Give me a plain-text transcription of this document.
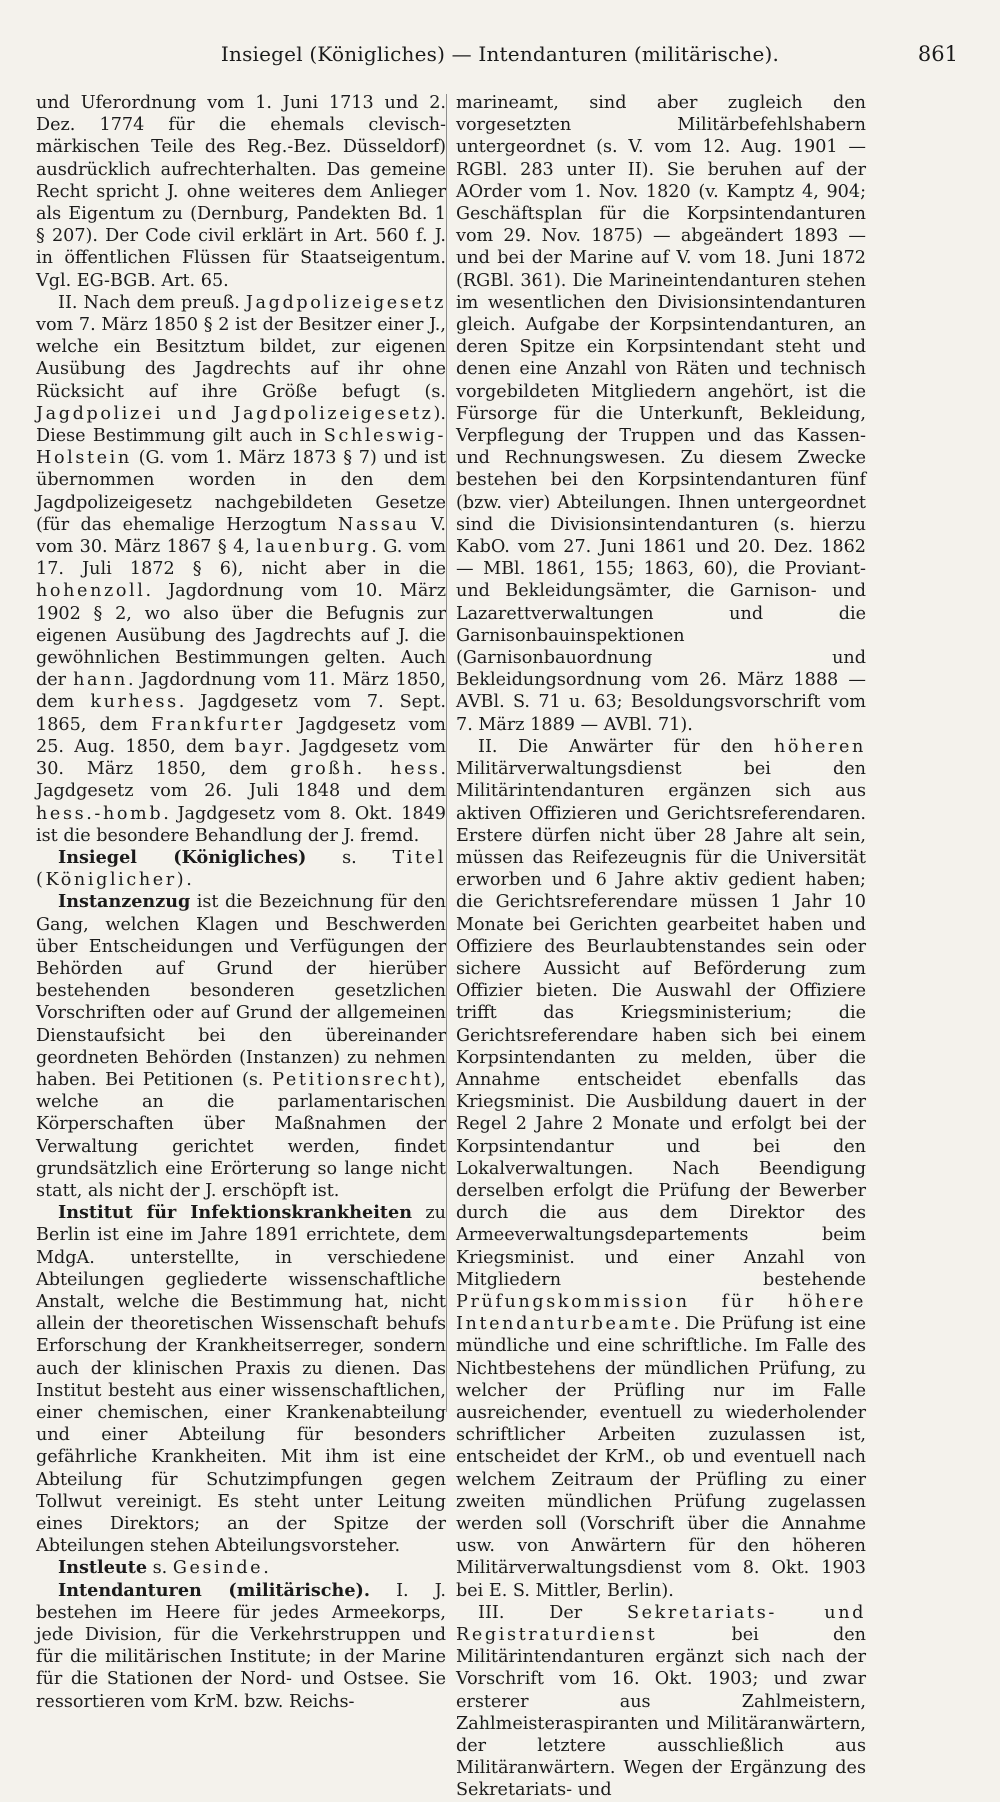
Insiegel (Königliches) — Intendanturen (militärische).	861

und Uferordnung vom 1. Juni 1713 und 2. Dez. 1774 für die ehemals clevisch-märkischen Teile des Reg.-Bez. Düsseldorf) ausdrücklich aufrechterhalten. Das gemeine Recht spricht J. ohne weiteres dem Anlieger als Eigentum zu (Dernburg, Pandekten Bd. 1 § 207). Der Code civil erklärt in Art. 560 f. J. in öffentlichen Flüssen für Staatseigentum. Vgl. EG-BGB. Art. 65.

II. Nach dem preuß. Jagdpolizeigesetz vom 7. März 1850 § 2 ist der Besitzer einer J., welche ein Besitztum bildet, zur eigenen Ausübung des Jagdrechts auf ihr ohne Rücksicht auf ihre Größe befugt (s. Jagdpolizei und Jagdpolizeigesetz). Diese Bestimmung gilt auch in Schleswig-Holstein (G. vom 1. März 1873 § 7) und ist übernommen worden in den dem Jagdpolizeigesetz nachgebildeten Gesetze (für das ehemalige Herzogtum Nassau V. vom 30. März 1867 § 4, lauenburg. G. vom 17. Juli 1872 § 6), nicht aber in die hohenzoll. Jagdordnung vom 10. März 1902 § 2, wo also über die Befugnis zur eigenen Ausübung des Jagdrechts auf J. die gewöhnlichen Bestimmungen gelten. Auch der hann. Jagdordnung vom 11. März 1850, dem kurhess. Jagdgesetz vom 7. Sept. 1865, dem Frankfurter Jagdgesetz vom 25. Aug. 1850, dem bayr. Jagdgesetz vom 30. März 1850, dem großh. hess. Jagdgesetz vom 26. Juli 1848 und dem hess.-homb. Jagdgesetz vom 8. Okt. 1849 ist die besondere Behandlung der J. fremd.

Insiegel (Königliches) s. Titel (Königlicher).

Instanzenzug ist die Bezeichnung für den Gang, welchen Klagen und Beschwerden über Entscheidungen und Verfügungen der Behörden auf Grund der hierüber bestehenden besonderen gesetzlichen Vorschriften oder auf Grund der allgemeinen Dienstaufsicht bei den übereinander geordneten Behörden (Instanzen) zu nehmen haben. Bei Petitionen (s. Petitionsrecht), welche an die parlamentarischen Körperschaften über Maßnahmen der Verwaltung gerichtet werden, findet grundsätzlich eine Erörterung so lange nicht statt, als nicht der J. erschöpft ist.

Institut für Infektionskrankheiten zu Berlin ist eine im Jahre 1891 errichtete, dem MdgA. unterstellte, in verschiedene Abteilungen gegliederte wissenschaftliche Anstalt, welche die Bestimmung hat, nicht allein der theoretischen Wissenschaft behufs Erforschung der Krankheitserreger, sondern auch der klinischen Praxis zu dienen. Das Institut besteht aus einer wissenschaftlichen, einer chemischen, einer Krankenabteilung und einer Abteilung für besonders gefährliche Krankheiten. Mit ihm ist eine Abteilung für Schutzimpfungen gegen Tollwut vereinigt. Es steht unter Leitung eines Direktors; an der Spitze der Abteilungen stehen Abteilungsvorsteher.

Instleute s. Gesinde.

Intendanturen (militärische). I. J. bestehen im Heere für jedes Armeekorps, jede Division, für die Verkehrstruppen und für die militärischen Institute; in der Marine für die Stationen der Nord- und Ostsee. Sie ressortieren vom KrM. bzw. Reichs-

marineamt, sind aber zugleich den vorgesetzten Militärbefehlshabern untergeordnet (s. V. vom 12. Aug. 1901 — RGBl. 283 unter II). Sie beruhen auf der AOrder vom 1. Nov. 1820 (v. Kamptz 4, 904; Geschäftsplan für die Korpsintendanturen vom 29. Nov. 1875) — abgeändert 1893 — und bei der Marine auf V. vom 18. Juni 1872 (RGBl. 361). Die Marineintendanturen stehen im wesentlichen den Divisionsintendanturen gleich. Aufgabe der Korpsintendanturen, an deren Spitze ein Korpsintendant steht und denen eine Anzahl von Räten und technisch vorgebildeten Mitgliedern angehört, ist die Fürsorge für die Unterkunft, Bekleidung, Verpflegung der Truppen und das Kassen- und Rechnungswesen. Zu diesem Zwecke bestehen bei den Korpsintendanturen fünf (bzw. vier) Abteilungen. Ihnen untergeordnet sind die Divisionsintendanturen (s. hierzu KabO. vom 27. Juni 1861 und 20. Dez. 1862 — MBl. 1861, 155; 1863, 60), die Proviant- und Bekleidungsämter, die Garnison- und Lazarettverwaltungen und die Garnisonbauinspektionen (Garnisonbauordnung und Bekleidungsordnung vom 26. März 1888 — AVBl. S. 71 u. 63; Besoldungsvorschrift vom 7. März 1889 — AVBl. 71).

II. Die Anwärter für den höheren Militärverwaltungsdienst bei den Militärintendanturen ergänzen sich aus aktiven Offizieren und Gerichtsreferendaren. Erstere dürfen nicht über 28 Jahre alt sein, müssen das Reifezeugnis für die Universität erworben und 6 Jahre aktiv gedient haben; die Gerichtsreferendare müssen 1 Jahr 10 Monate bei Gerichten gearbeitet haben und Offiziere des Beurlaubtenstandes sein oder sichere Aussicht auf Beförderung zum Offizier bieten. Die Auswahl der Offiziere trifft das Kriegsministerium; die Gerichtsreferendare haben sich bei einem Korpsintendanten zu melden, über die Annahme entscheidet ebenfalls das Kriegsminist. Die Ausbildung dauert in der Regel 2 Jahre 2 Monate und erfolgt bei der Korpsintendantur und bei den Lokalverwaltungen. Nach Beendigung derselben erfolgt die Prüfung der Bewerber durch die aus dem Direktor des Armeeverwaltungsdepartements beim Kriegsminist. und einer Anzahl von Mitgliedern bestehende Prüfungskommission für höhere Intendanturbeamte. Die Prüfung ist eine mündliche und eine schriftliche. Im Falle des Nichtbestehens der mündlichen Prüfung, zu welcher der Prüfling nur im Falle ausreichender, eventuell zu wiederholender schriftlicher Arbeiten zuzulassen ist, entscheidet der KrM., ob und eventuell nach welchem Zeitraum der Prüfling zu einer zweiten mündlichen Prüfung zugelassen werden soll (Vorschrift über die Annahme usw. von Anwärtern für den höheren Militärverwaltungsdienst vom 8. Okt. 1903 bei E. S. Mittler, Berlin).

III. Der Sekretariats- und Registraturdienst bei den Militärintendanturen ergänzt sich nach der Vorschrift vom 16. Okt. 1903; und zwar ersterer aus Zahlmeistern, Zahlmeisteraspiranten und Militäranwärtern, der letztere ausschließlich aus Militäranwärtern. Wegen der Ergänzung des Sekretariats- und
